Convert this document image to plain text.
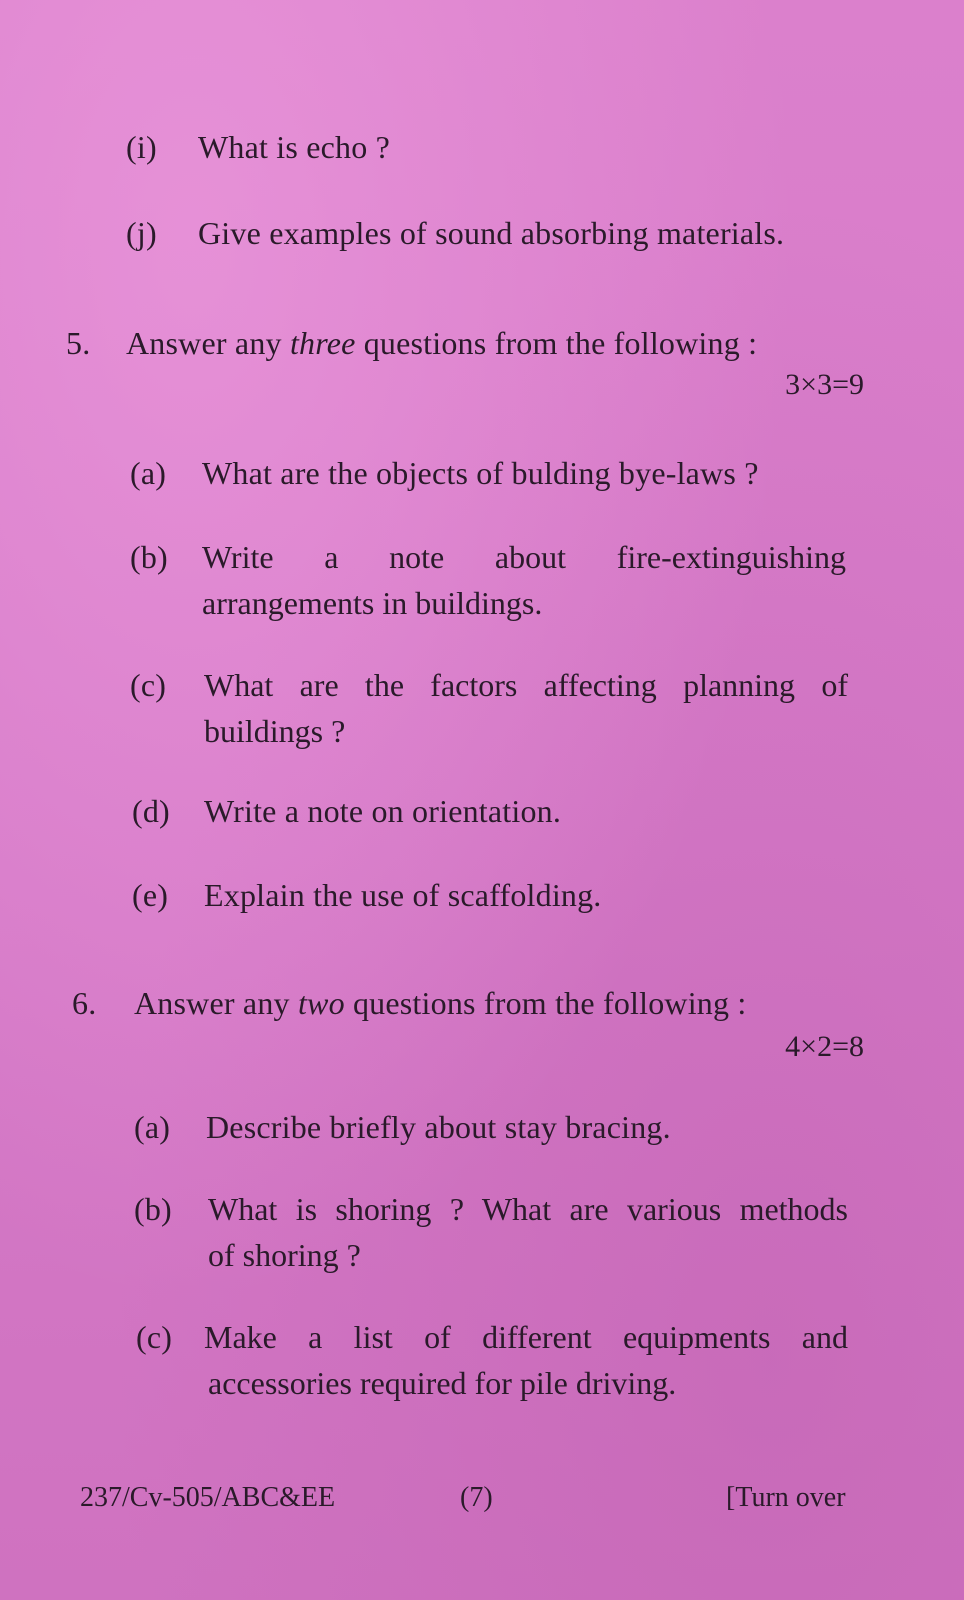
(i) What is echo ?
(j) Give examples of sound absorbing materials.
5. Answer any three questions from the following :
3×3=9
(a) What are the objects of bulding bye-laws ?
(b)	Write a note about fire-extinguishing
arrangements in buildings.
(c)	What are the factors affecting planning of
buildings ?
(d) Write a note on orientation.
(e) Explain the use of scaffolding.
6. Answer any two questions from the following :
4×2=8
(a) Describe briefly about stay bracing.
(b)	What is shoring ? What are various methods
of shoring ?
(c) Make a list of different equipments and
accessories required for pile driving.
237/Cv-505/ABC&EE	(7)	[Turn over
